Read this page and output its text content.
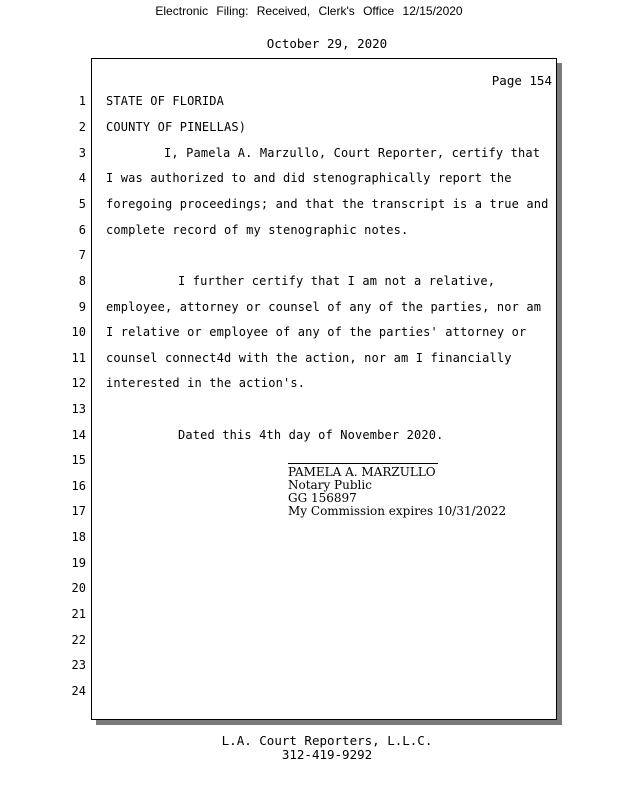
Electronic Filing: Received, Clerk's Office 12/15/2020
October 29, 2020
Page 154
1
2
3
4
5
6
7
8
9
10
11
12
13
14
15
16
17
18
19
20
21
22
23
24
STATE OF FLORIDA
COUNTY OF PINELLAS)
I, Pamela A. Marzullo, Court Reporter, certify that
I was authorized to and did stenographically report the
foregoing proceedings; and that the transcript is a true and
complete record of my stenographic notes.
I further certify that I am not a relative,
employee, attorney or counsel of any of the parties, nor am
I relative or employee of any of the parties' attorney or
counsel connect4d with the action, nor am I financially
interested in the action's.
Dated this 4th day of November 2020.
PAMELA A. MARZULLO
Notary Public
GG 156897
My Commission expires 10/31/2022
L.A. Court Reporters, L.L.C.
312-419-9292
